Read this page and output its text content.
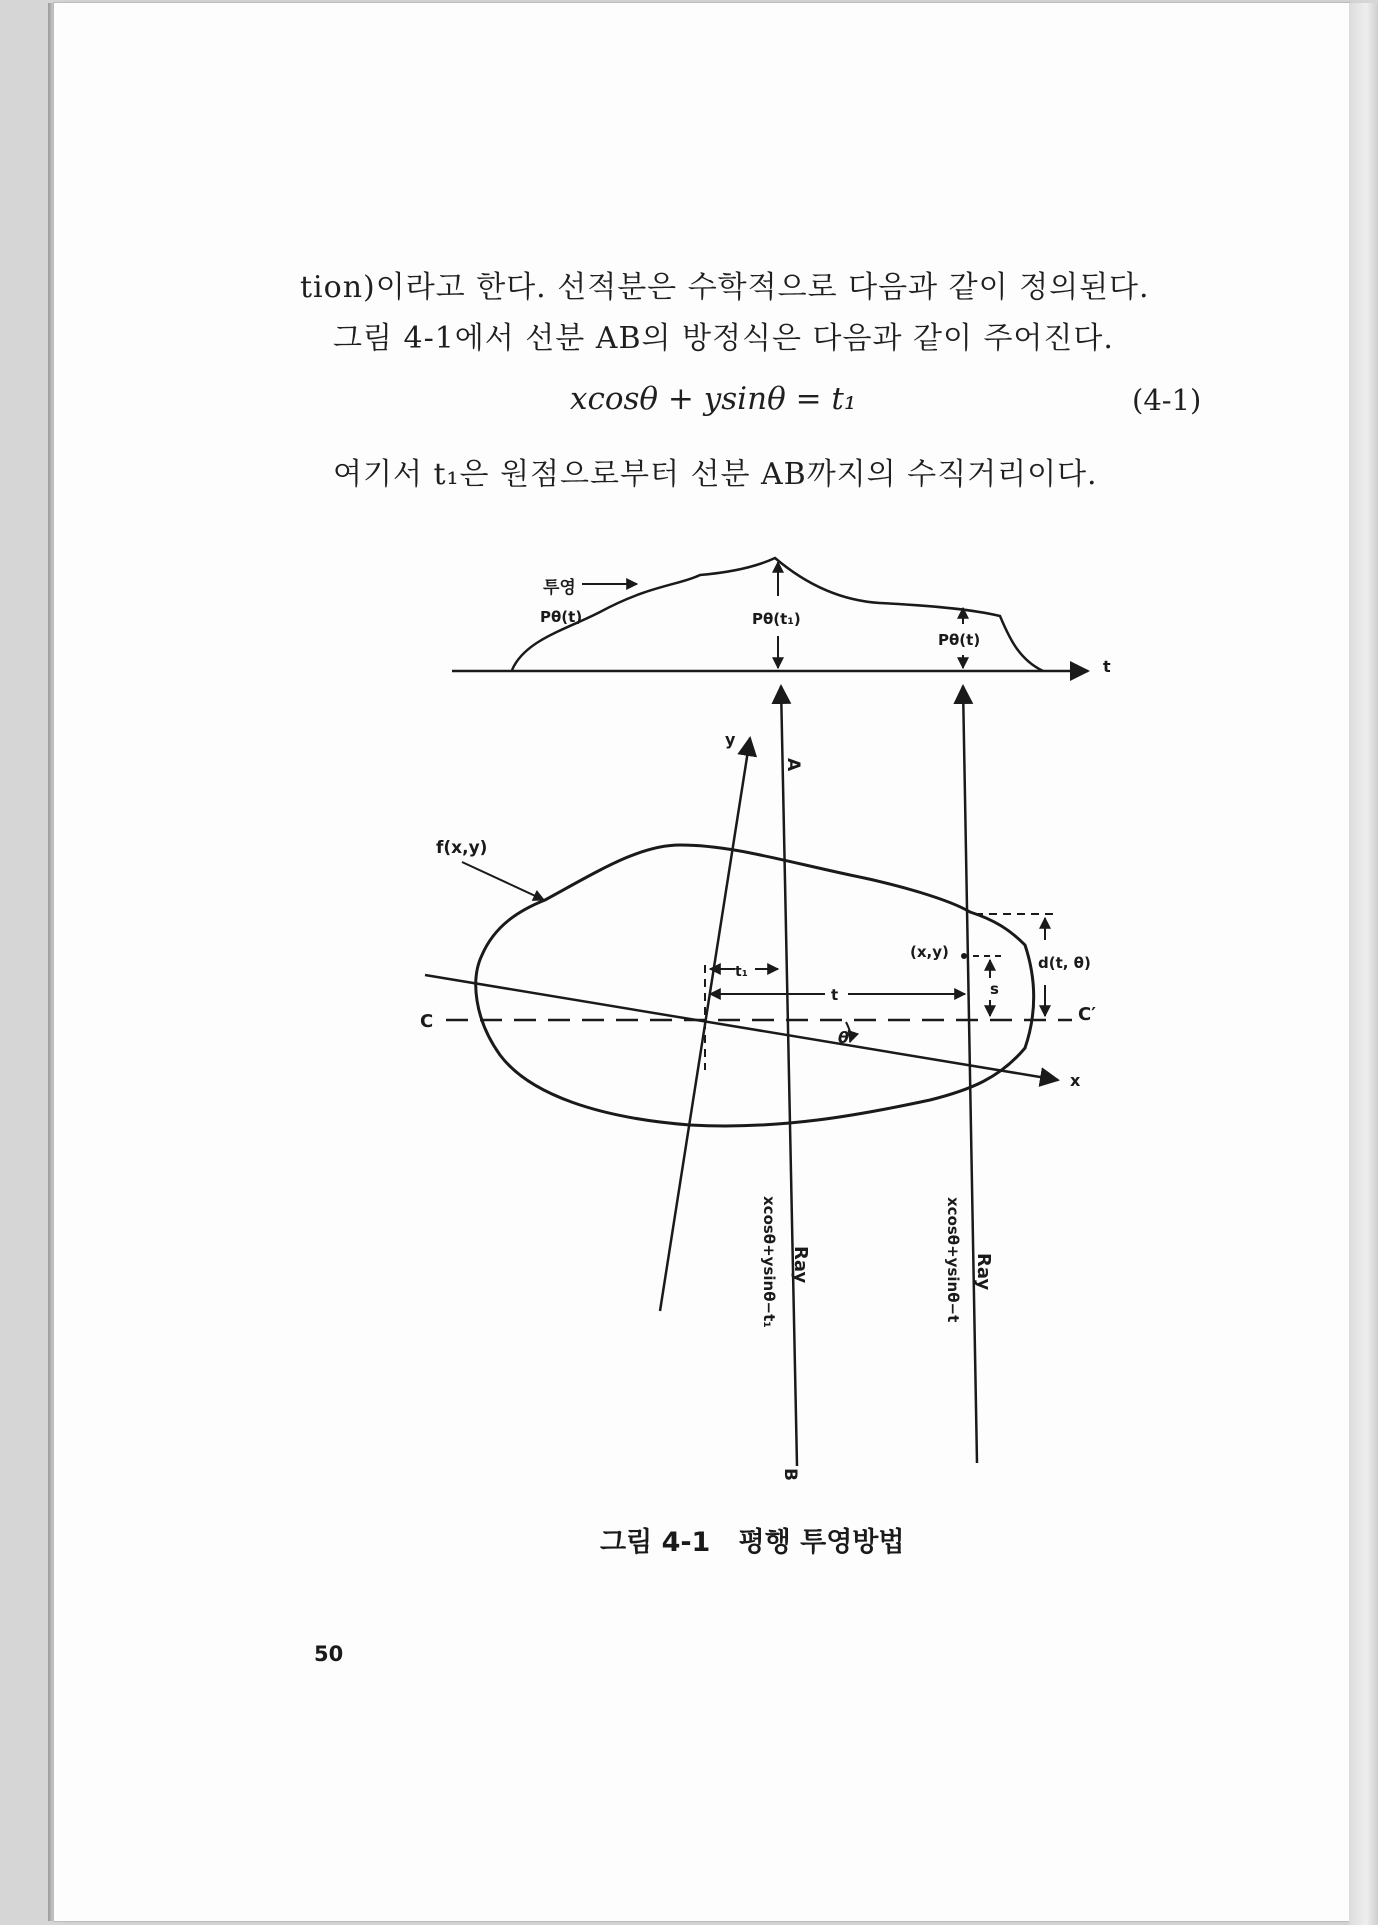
tion)이라고 한다. 선적분은 수학적으로 다음과 같이 정의된다.
그림 4-1에서 선분 AB의 방정식은 다음과 같이 주어진다.
xcosθ + ysinθ = t₁	(4-1)
여기서 t₁은 원점으로부터 선분 AB까지의 수직거리이다.
투영
Pθ(t)	Pθ(t₁)
Pθ(t)
t
y
A
B
f(x,y)
x
C	C′
t₁
t
(x,y)
d(t, θ)
s
θ
Ray
xcosθ+ysinθ−t₁	Ray
xcosθ+ysinθ−t
그림 4-1   평행 투영방법
50
